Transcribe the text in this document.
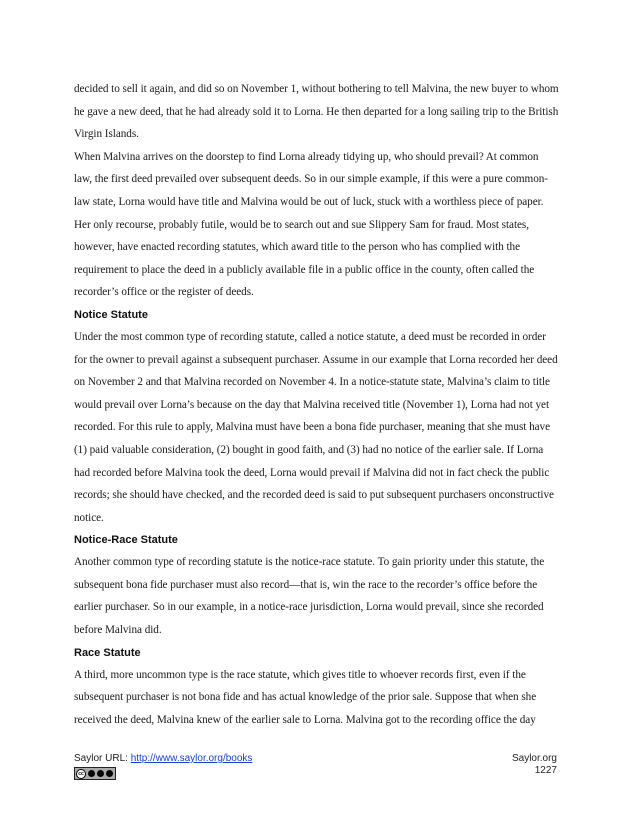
decided to sell it again, and did so on November 1, without bothering to tell Malvina, the new buyer to whom he gave a new deed, that he had already sold it to Lorna. He then departed for a long sailing trip to the British Virgin Islands.

When Malvina arrives on the doorstep to find Lorna already tidying up, who should prevail? At common law, the first deed prevailed over subsequent deeds. So in our simple example, if this were a pure common-law state, Lorna would have title and Malvina would be out of luck, stuck with a worthless piece of paper. Her only recourse, probably futile, would be to search out and sue Slippery Sam for fraud. Most states, however, have enacted recording statutes, which award title to the person who has complied with the requirement to place the deed in a publicly available file in a public office in the county, often called the recorder’s office or the register of deeds.

Notice Statute

Under the most common type of recording statute, called a notice statute, a deed must be recorded in order for the owner to prevail against a subsequent purchaser. Assume in our example that Lorna recorded her deed on November 2 and that Malvina recorded on November 4. In a notice-statute state, Malvina’s claim to title would prevail over Lorna’s because on the day that Malvina received title (November 1), Lorna had not yet recorded. For this rule to apply, Malvina must have been a bona fide purchaser, meaning that she must have (1) paid valuable consideration, (2) bought in good faith, and (3) had no notice of the earlier sale. If Lorna had recorded before Malvina took the deed, Lorna would prevail if Malvina did not in fact check the public records; she should have checked, and the recorded deed is said to put subsequent purchasers onconstructive notice.

Notice-Race Statute

Another common type of recording statute is the notice-race statute. To gain priority under this statute, the subsequent bona fide purchaser must also record—that is, win the race to the recorder’s office before the earlier purchaser. So in our example, in a notice-race jurisdiction, Lorna would prevail, since she recorded before Malvina did.

Race Statute

A third, more uncommon type is the race statute, which gives title to whoever records first, even if the subsequent purchaser is not bona fide and has actual knowledge of the prior sale. Suppose that when she received the deed, Malvina knew of the earlier sale to Lorna. Malvina got to the recording office the day

Saylor URL: http://www.saylor.org/books
cc
Saylor.org
1227
